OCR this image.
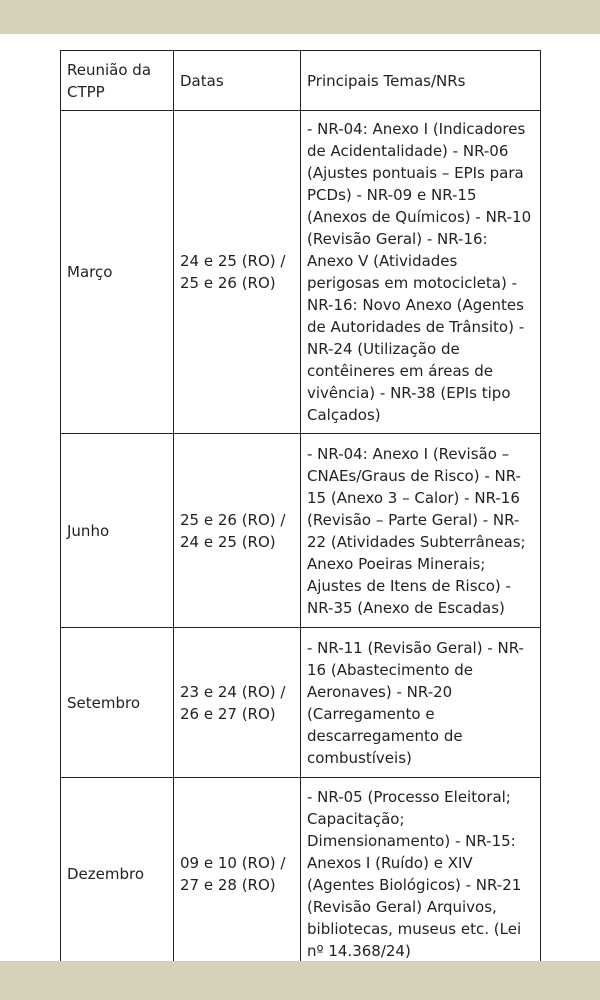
Reunião da CTPP	Datas	Principais Temas/NRs
Março	24 e 25 (RO) / 25 e 26 (RO)	- NR-04: Anexo I (Indicadores de Acidentalidade) - NR-06 (Ajustes pontuais – EPIs para PCDs) - NR-09 e NR-15 (Anexos de Químicos) - NR-10 (Revisão Geral) - NR-16: Anexo V (Atividades perigosas em motocicleta) - NR-16: Novo Anexo (Agentes de Autoridades de Trânsito) - NR-24 (Utilização de contêineres em áreas de vivência) - NR-38 (EPIs tipo Calçados)
Junho	25 e 26 (RO) / 24 e 25 (RO)	- NR-04: Anexo I (Revisão – CNAEs/Graus de Risco) - NR-15 (Anexo 3 – Calor) - NR-16 (Revisão – Parte Geral) - NR-22 (Atividades Subterrâneas; Anexo Poeiras Minerais; Ajustes de Itens de Risco) - NR-35 (Anexo de Escadas)
Setembro	23 e 24 (RO) / 26 e 27 (RO)	- NR-11 (Revisão Geral) - NR-16 (Abastecimento de Aeronaves) - NR-20 (Carregamento e descarregamento de combustíveis)
Dezembro	09 e 10 (RO) / 27 e 28 (RO)	- NR-05 (Processo Eleitoral; Capacitação; Dimensionamento) - NR-15: Anexos I (Ruído) e XIV (Agentes Biológicos) - NR-21 (Revisão Geral) Arquivos, bibliotecas, museus etc. (Lei nº 14.368/24)
